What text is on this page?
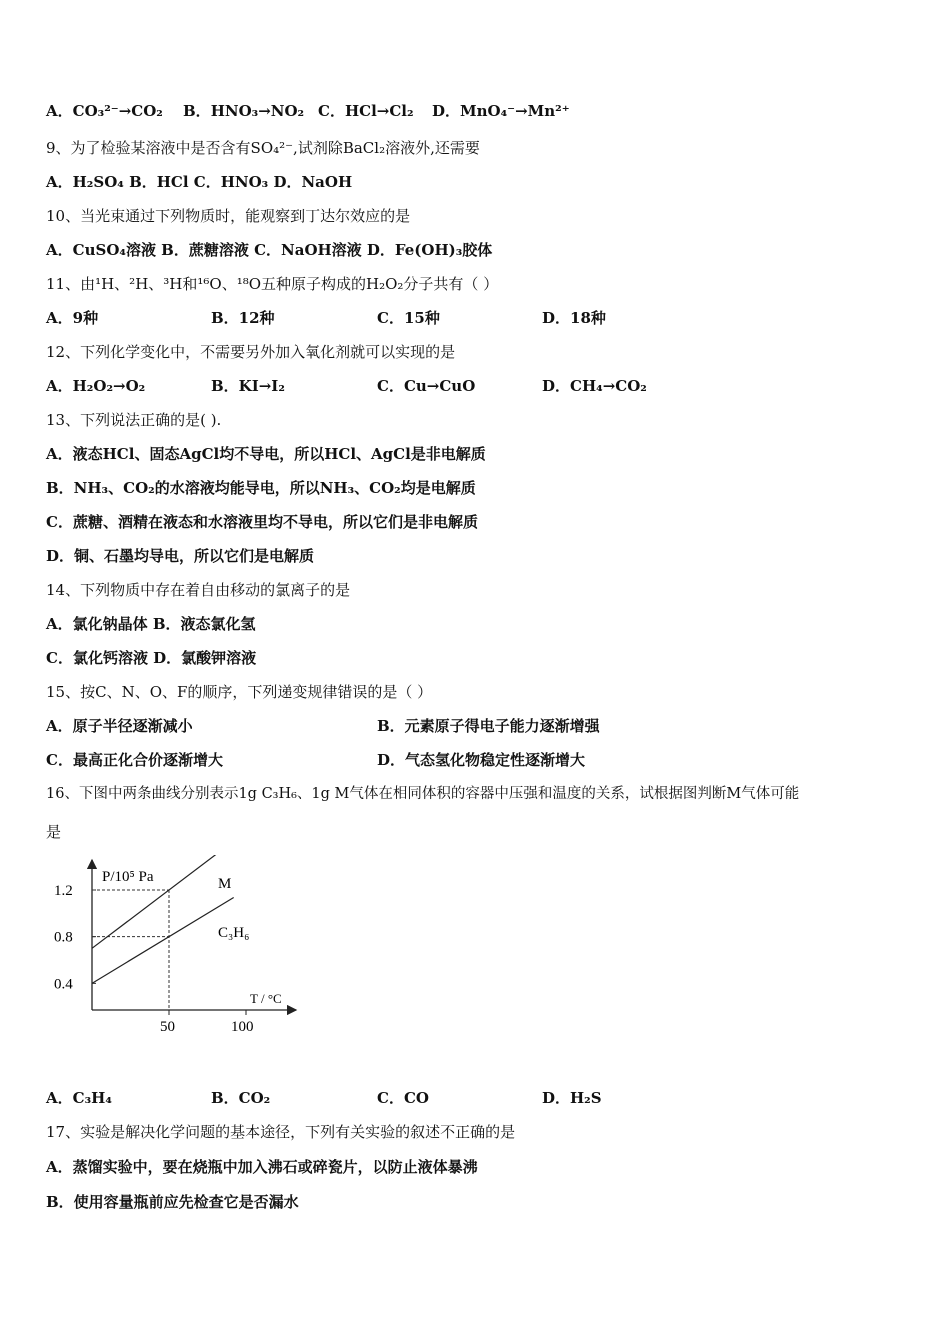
A．CO₃²⁻→CO₂ B．HNO₃→NO₂ C．HCl→Cl₂ D．MnO₄⁻→Mn²⁺
9、为了检验某溶液中是否含有SO₄²⁻,试剂除BaCl₂溶液外,还需要
A．H₂SO₄ B．HCl C．HNO₃ D．NaOH
10、当光束通过下列物质时，能观察到丁达尔效应的是
A．CuSO₄溶液 B．蔗糖溶液 C．NaOH溶液 D．Fe(OH)₃胶体
11、由¹H、²H、³H和¹⁶O、¹⁸O五种原子构成的H₂O₂分子共有（ ）
A．9种	B．12种	C．15种	D．18种
12、下列化学变化中，不需要另外加入氧化剂就可以实现的是
A．H₂O₂→O₂	B．KI→I₂	C．Cu→CuO	D．CH₄→CO₂
13、下列说法正确的是( ).
A．液态HCl、固态AgCl均不导电，所以HCl、AgCl是非电解质
B．NH₃、CO₂的水溶液均能导电，所以NH₃、CO₂均是电解质
C．蔗糖、酒精在液态和水溶液里均不导电，所以它们是非电解质
D．铜、石墨均导电，所以它们是电解质
14、下列物质中存在着自由移动的氯离子的是
A．氯化钠晶体 B．液态氯化氢
C．氯化钙溶液 D．氯酸钾溶液
15、按C、N、O、F的顺序，下列递变规律错误的是（ ）
A．原子半径逐渐减小	B．元素原子得电子能力逐渐增强
C．最高正化合价逐渐增大	D．气态氢化物稳定性逐渐增大
16、下图中两条曲线分别表示1g C₃H₆、1g M气体在相同体积的容器中压强和温度的关系，试根据图判断M气体可能
是
P/10⁵ Pa
T / °C
1.2
0.8
0.4
50	100
M
C₃H₆
A．C₃H₄	B．CO₂	C．CO	D．H₂S
17、实验是解决化学问题的基本途径，下列有关实验的叙述不正确的是
A．蒸馏实验中，要在烧瓶中加入沸石或碎瓷片，以防止液体暴沸
B．使用容量瓶前应先检查它是否漏水
